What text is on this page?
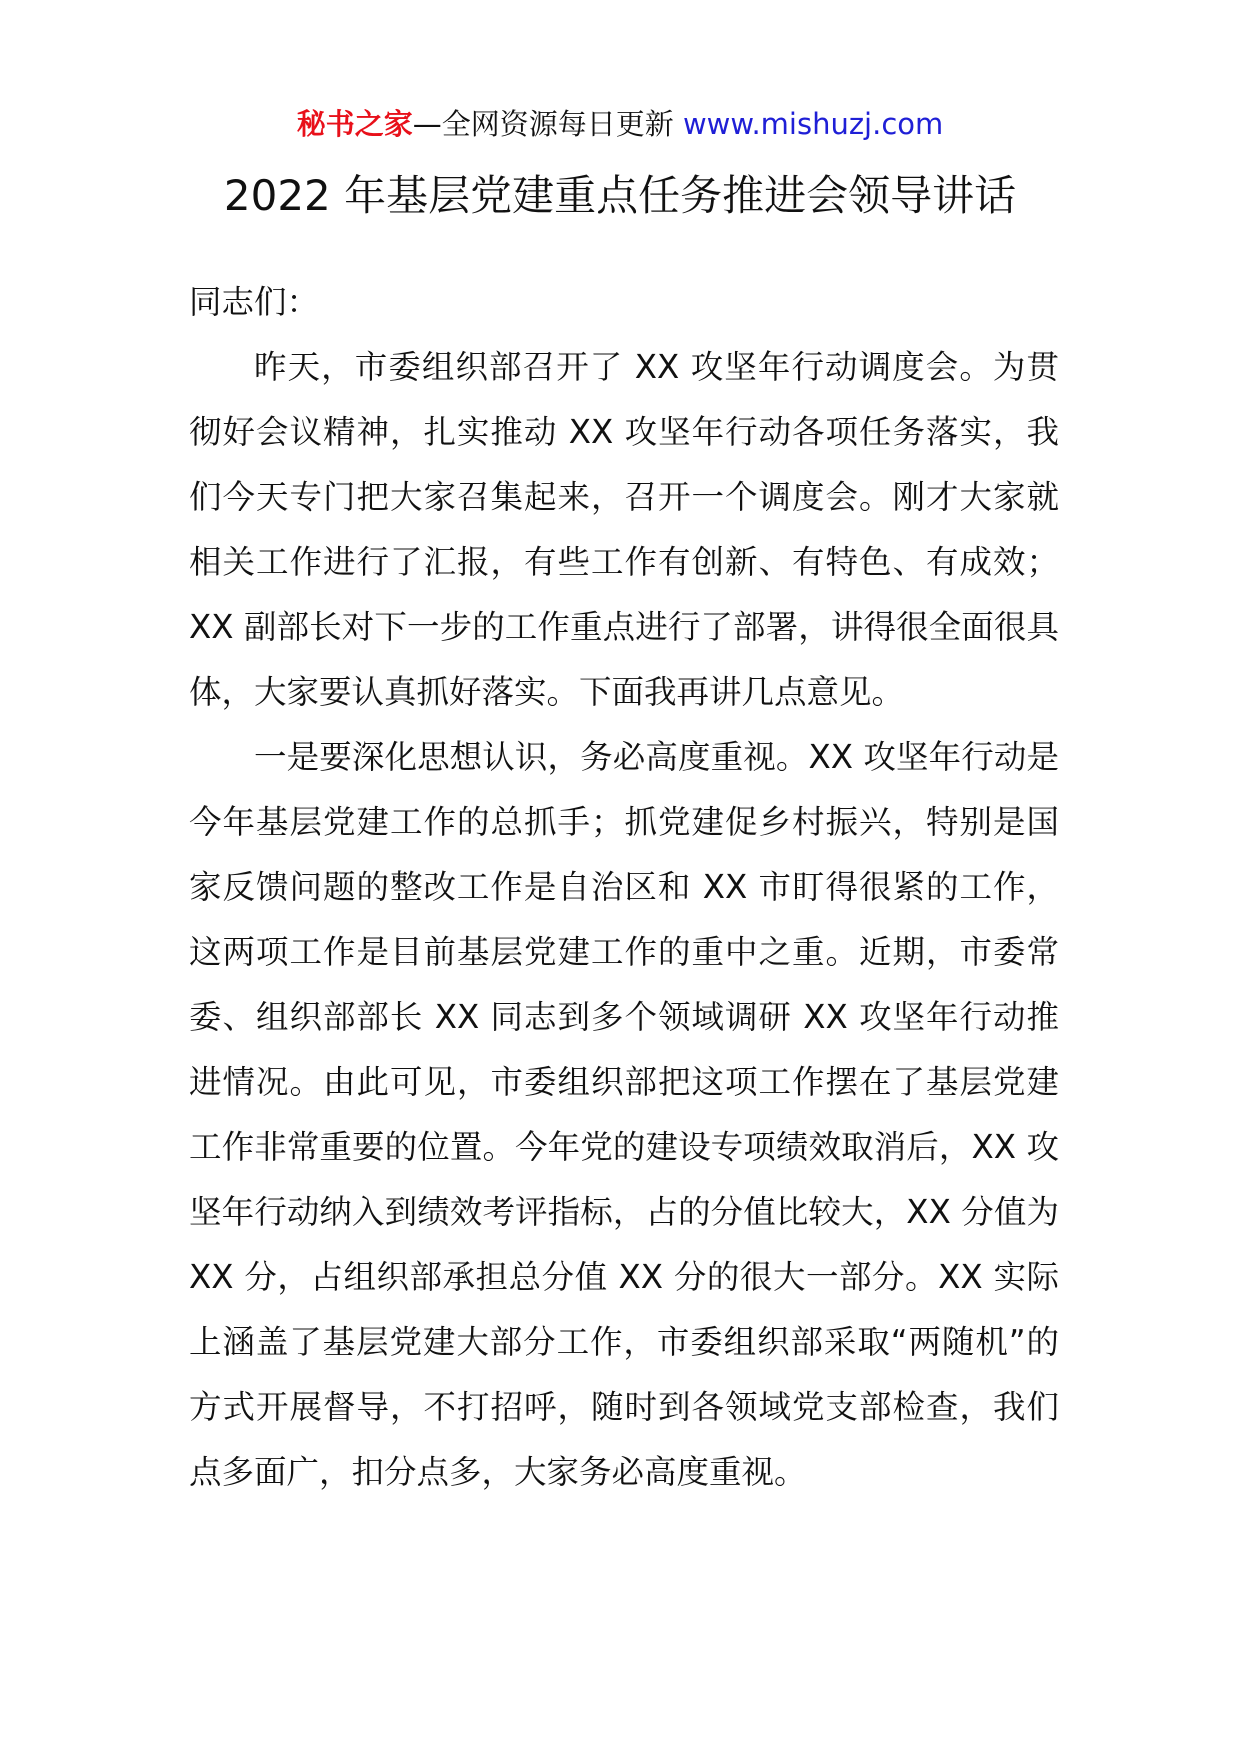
秘书之家—全网资源每日更新 www.mishuzj.com
2022 年基层党建重点任务推进会领导讲话

同志们：

昨天，市委组织部召开了 XX 攻坚年行动调度会。为贯彻好会议精神，扎实推动 XX 攻坚年行动各项任务落实，我们今天专门把大家召集起来，召开一个调度会。刚才大家就相关工作进行了汇报，有些工作有创新、有特色、有成效；XX 副部长对下一步的工作重点进行了部署，讲得很全面很具体，大家要认真抓好落实。下面我再讲几点意见。

一是要深化思想认识，务必高度重视。XX 攻坚年行动是今年基层党建工作的总抓手；抓党建促乡村振兴，特别是国家反馈问题的整改工作是自治区和 XX 市盯得很紧的工作，这两项工作是目前基层党建工作的重中之重。近期，市委常委、组织部部长 XX 同志到多个领域调研 XX 攻坚年行动推进情况。由此可见，市委组织部把这项工作摆在了基层党建工作非常重要的位置。今年党的建设专项绩效取消后，XX 攻坚年行动纳入到绩效考评指标，占的分值比较大，XX 分值为 XX 分，占组织部承担总分值 XX 分的很大一部分。XX 实际上涵盖了基层党建大部分工作，市委组织部采取“两随机”的方式开展督导，不打招呼，随时到各领域党支部检查，我们点多面广，扣分点多，大家务必高度重视。
